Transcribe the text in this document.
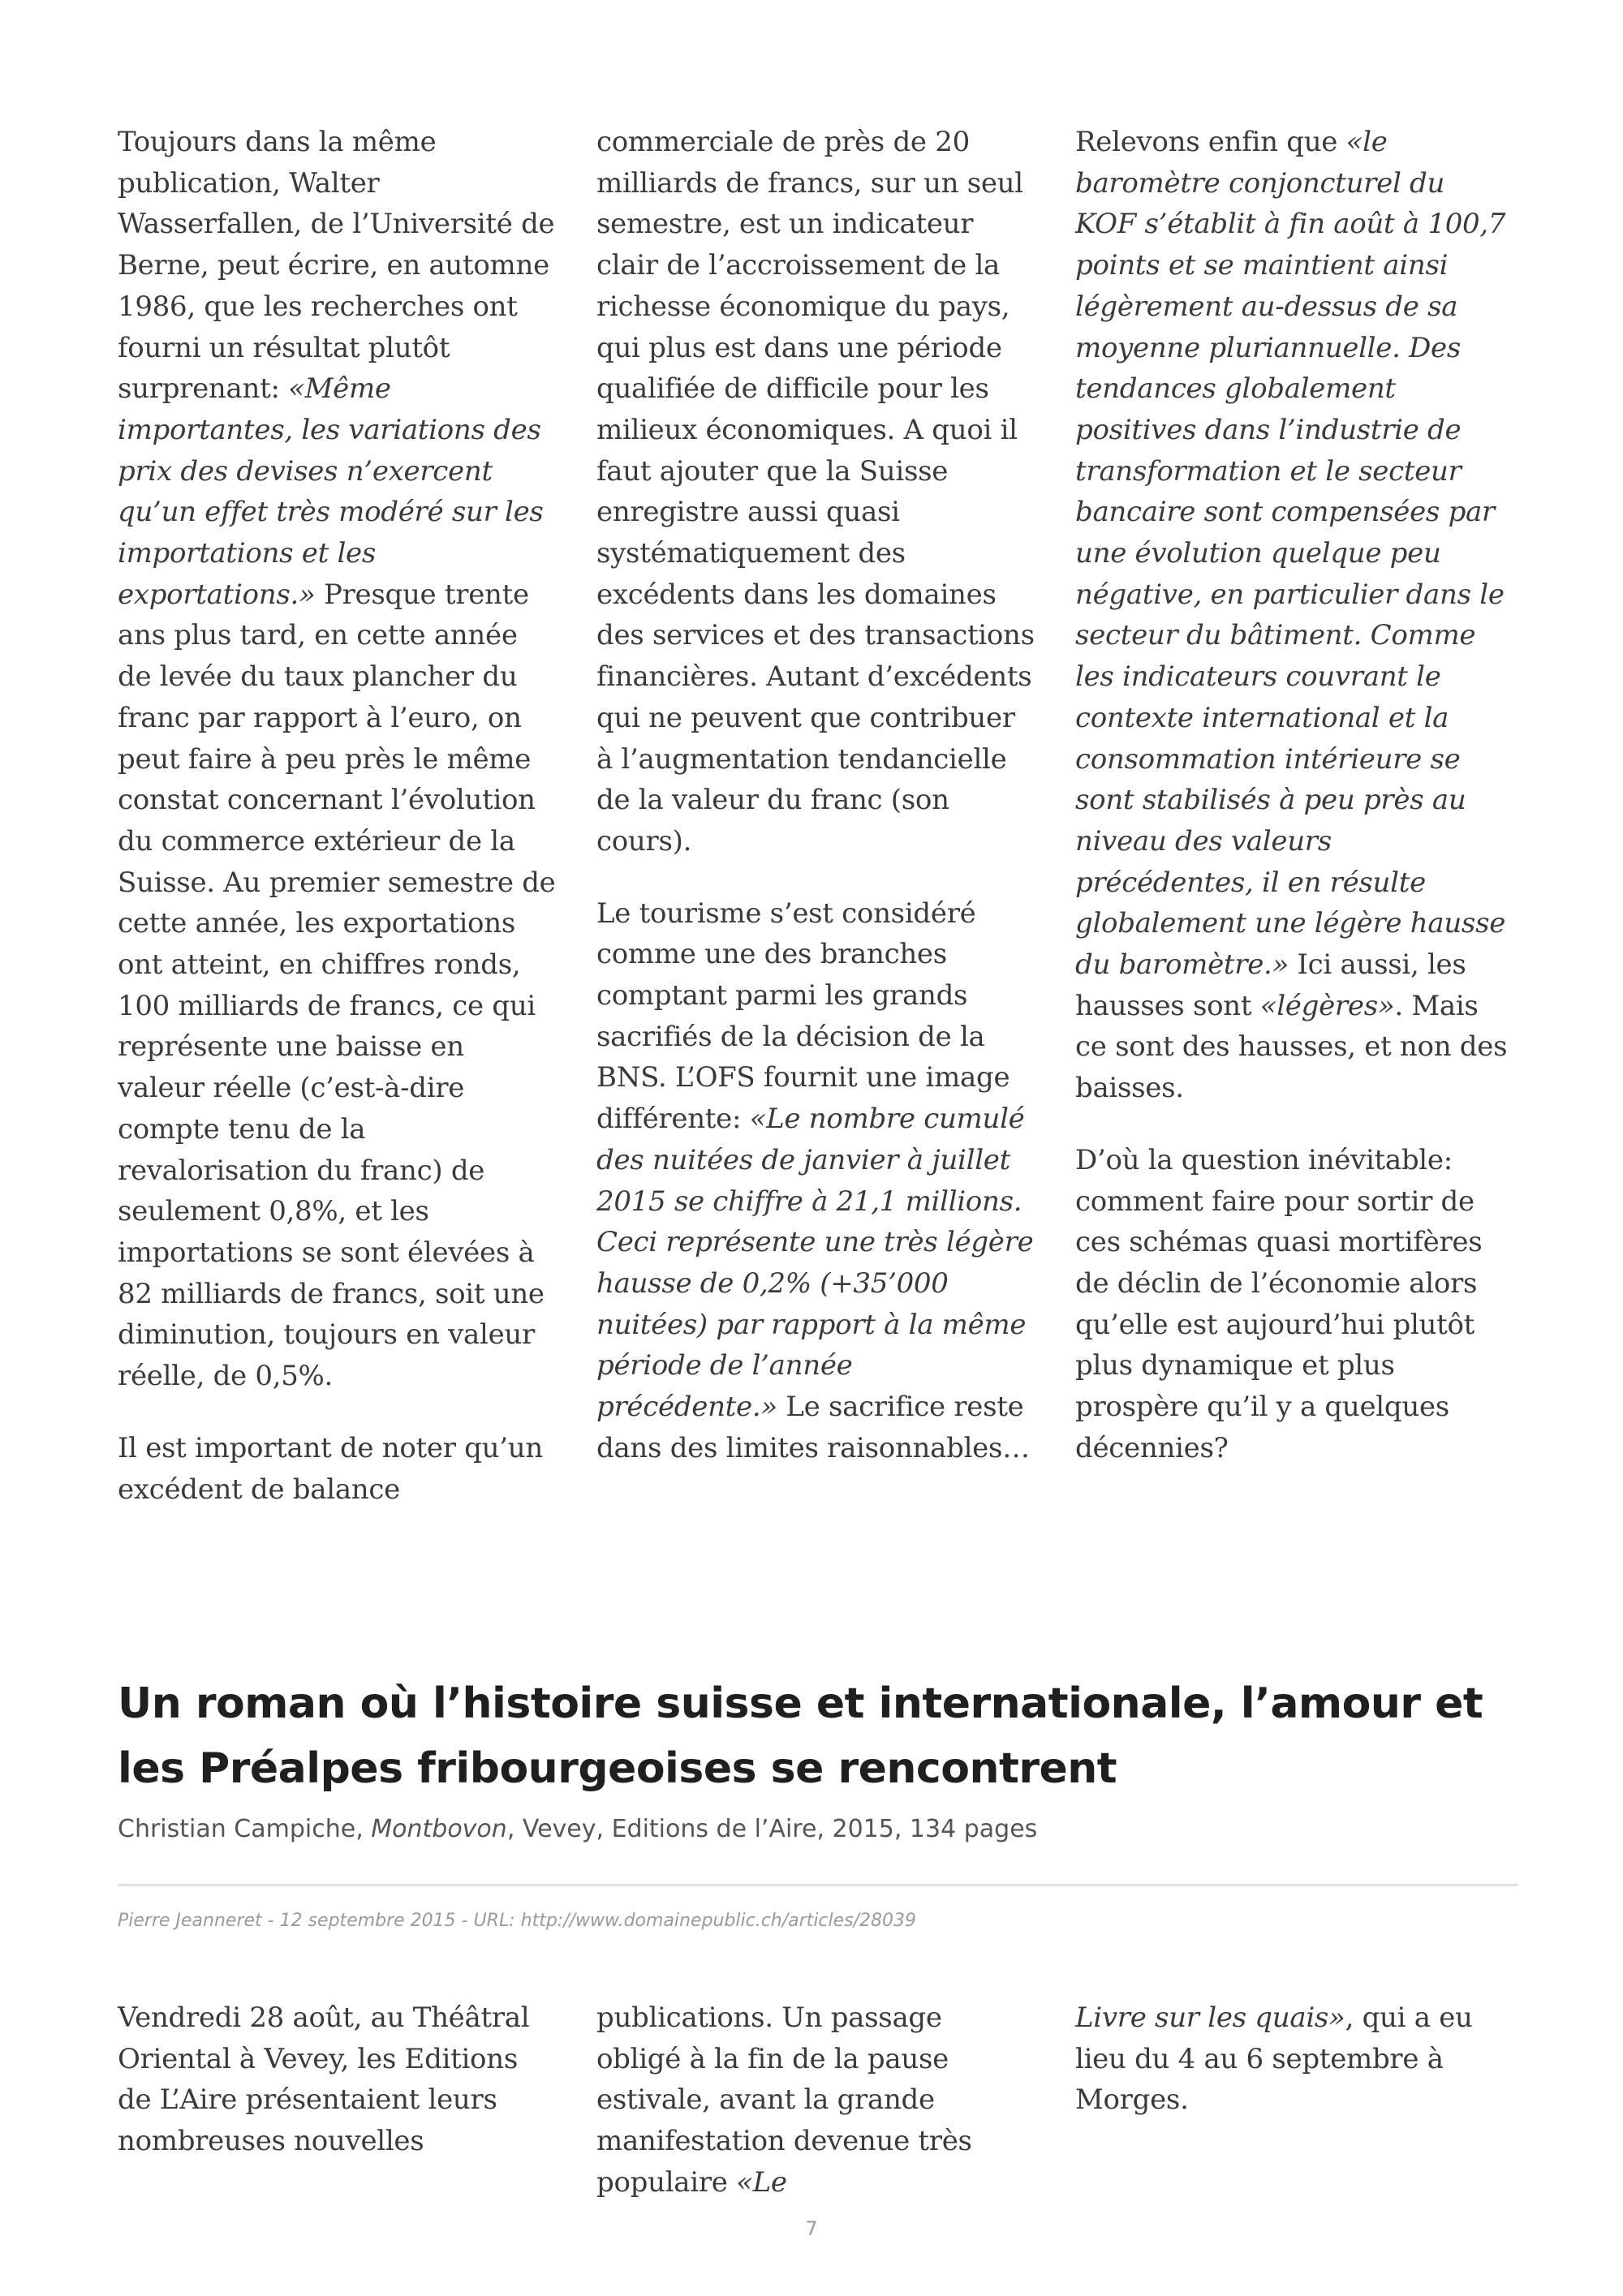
Toujours dans la même publication, Walter Wasserfallen, de l’Université de Berne, peut écrire, en automne 1986, que les recherches ont fourni un résultat plutôt surprenant: «Même importantes, les variations des prix des devises n’exercent qu’un effet très modéré sur les importations et les exportations.» Presque trente ans plus tard, en cette année de levée du taux plancher du franc par rapport à l’euro, on peut faire à peu près le même constat concernant l’évolution du commerce extérieur de la Suisse. Au premier semestre de cette année, les exportations ont atteint, en chiffres ronds, 100 milliards de francs, ce qui représente une baisse en valeur réelle (c’est-à-dire compte tenu de la revalorisation du franc) de seulement 0,8%, et les importations se sont élevées à 82 milliards de francs, soit une diminution, toujours en valeur réelle, de 0,5%.

Il est important de noter qu’un excédent de balance

commerciale de près de 20 milliards de francs, sur un seul semestre, est un indicateur clair de l’accroissement de la richesse économique du pays, qui plus est dans une période qualifiée de difficile pour les milieux économiques. A quoi il faut ajouter que la Suisse enregistre aussi quasi systématiquement des excédents dans les domaines des services et des transactions financières. Autant d’excédents qui ne peuvent que contribuer à l’augmentation tendancielle de la valeur du franc (son cours).

Le tourisme s’est considéré comme une des branches comptant parmi les grands sacrifiés de la décision de la BNS. L’OFS fournit une image différente: «Le nombre cumulé des nuitées de janvier à juillet 2015 se chiffre à 21,1 millions. Ceci représente une très légère hausse de 0,2% (+35’000 nuitées) par rapport à la même période de l’année précédente.» Le sacrifice reste dans des limites raisonnables…

Relevons enfin que «le baromètre conjoncturel du KOF s’établit à fin août à 100,7 points et se maintient ainsi légèrement au-dessus de sa moyenne pluriannuelle. Des tendances globalement positives dans l’industrie de transformation et le secteur bancaire sont compensées par une évolution quelque peu négative, en particulier dans le secteur du bâtiment. Comme les indicateurs couvrant le contexte international et la consommation intérieure se sont stabilisés à peu près au niveau des valeurs précédentes, il en résulte globalement une légère hausse du baromètre.» Ici aussi, les hausses sont «légères». Mais ce sont des hausses, et non des baisses.

D’où la question inévitable: comment faire pour sortir de ces schémas quasi mortifères de déclin de l’économie alors qu’elle est aujourd’hui plutôt plus dynamique et plus prospère qu’il y a quelques décennies?

Un roman où l’histoire suisse et internationale, l’amour et les Préalpes fribourgeoises se rencontrent
Christian Campiche, Montbovon, Vevey, Editions de l’Aire, 2015, 134 pages
Pierre Jeanneret - 12 septembre 2015 - URL: http://www.domainepublic.ch/articles/28039

Vendredi 28 août, au Théâtral Oriental à Vevey, les Editions de L’Aire présentaient leurs nombreuses nouvelles

publications. Un passage obligé à la fin de la pause estivale, avant la grande manifestation devenue très populaire «Le

Livre sur les quais», qui a eu lieu du 4 au 6 septembre à Morges.

7
